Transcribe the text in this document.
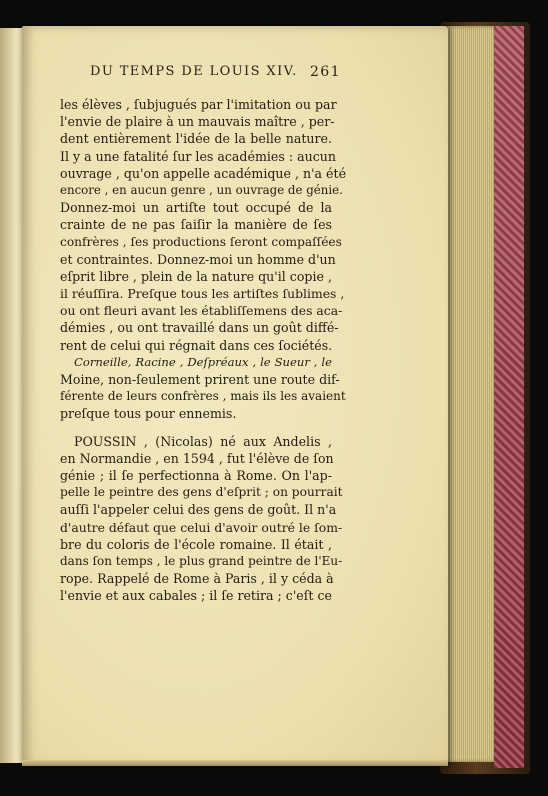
DU TEMPS DE LOUIS XIV. 261
les élèves , ſubjugués par l'imitation ou par
l'envie de plaire à un mauvais maître , per-
dent entièrement l'idée de la belle nature.
Il y a une fatalité ſur les académies : aucun
ouvrage , qu'on appelle académique , n'a été
encore , en aucun genre , un ouvrage de génie.
Donnez-moi un artiſte tout occupé de la
crainte de ne pas ſaiſir la manière de ſes
confrères , ſes productions ſeront compaſſées
et contraintes. Donnez-moi un homme d'un
eſprit libre , plein de la nature qu'il copie ,
il réuſſira. Preſque tous les artiſtes ſublimes ,
ou ont fleuri avant les établiſſemens des aca-
démies , ou ont travaillé dans un goût diffé-
rent de celui qui régnait dans ces ſociétés.
Corneille, Racine , Deſpréaux , le Sueur , le
Moine, non-ſeulement prirent une route dif-
férente de leurs confrères , mais ils les avaient
preſque tous pour ennemis.
POUSSIN , (Nicolas) né aux Andelis ,
en Normandie , en 1594 , fut l'élève de ſon
génie ; il ſe perfectionna à Rome. On l'ap-
pelle le peintre des gens d'eſprit ; on pourrait
auſſi l'appeler celui des gens de goût. Il n'a
d'autre défaut que celui d'avoir outré le ſom-
bre du coloris de l'école romaine. Il était ,
dans ſon temps , le plus grand peintre de l'Eu-
rope. Rappelé de Rome à Paris , il y céda à
l'envie et aux cabales ; il ſe retira ; c'eſt ce
